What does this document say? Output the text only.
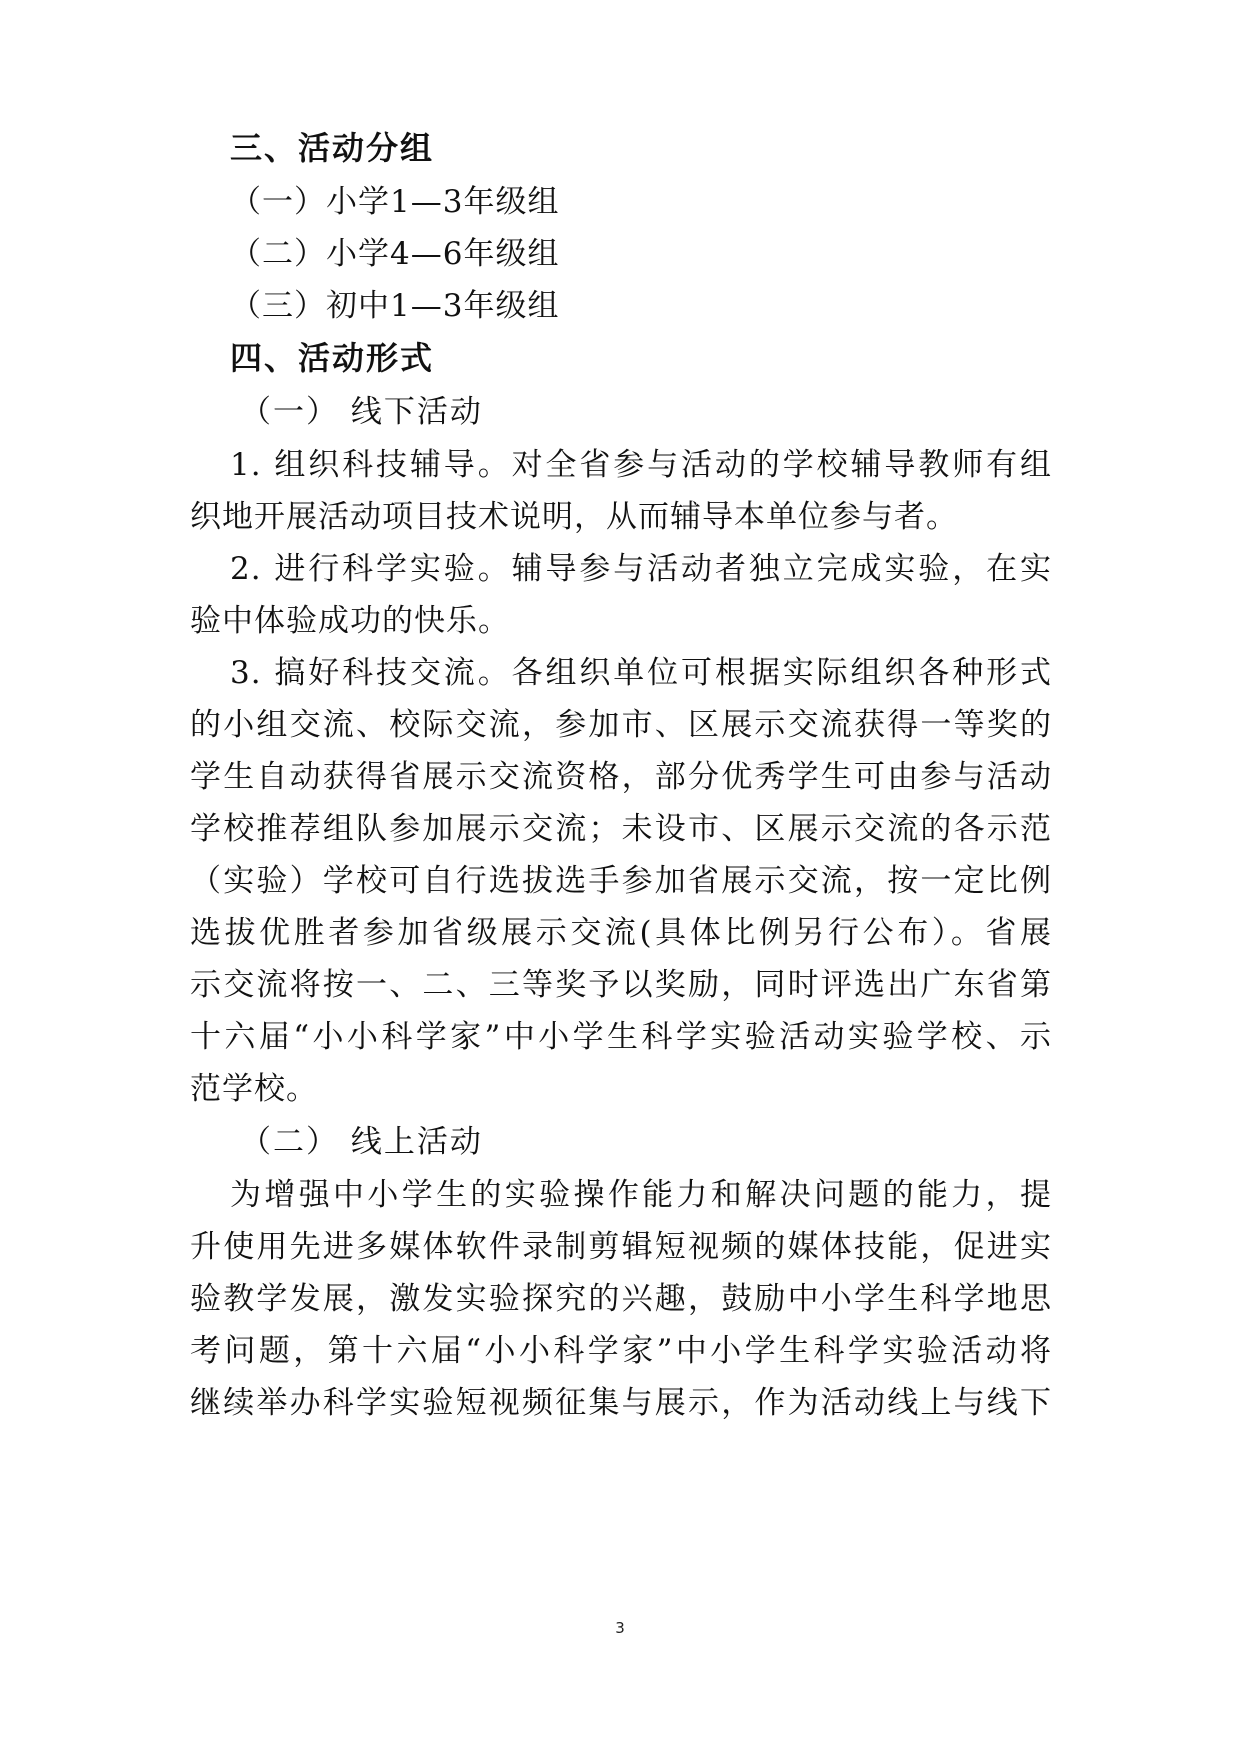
三、活动分组
（一）小学1—3年级组
（二）小学4—6年级组
（三）初中1—3年级组
四、活动形式
（一） 线下活动
1. 组织科技辅导。对全省参与活动的学校辅导教师有组
织地开展活动项目技术说明，从而辅导本单位参与者。
2. 进行科学实验。辅导参与活动者独立完成实验，在实
验中体验成功的快乐。
3. 搞好科技交流。各组织单位可根据实际组织各种形式
的小组交流、校际交流，参加市、区展示交流获得一等奖的
学生自动获得省展示交流资格，部分优秀学生可由参与活动
学校推荐组队参加展示交流；未设市、区展示交流的各示范
（实验）学校可自行选拔选手参加省展示交流，按一定比例
选拔优胜者参加省级展示交流(具体比例另行公布）。省展
示交流将按一、二、三等奖予以奖励，同时评选出广东省第
十六届“小小科学家”中小学生科学实验活动实验学校、示
范学校。
（二） 线上活动
为增强中小学生的实验操作能力和解决问题的能力，提
升使用先进多媒体软件录制剪辑短视频的媒体技能，促进实
验教学发展，激发实验探究的兴趣，鼓励中小学生科学地思
考问题，第十六届“小小科学家”中小学生科学实验活动将
继续举办科学实验短视频征集与展示，作为活动线上与线下
3
